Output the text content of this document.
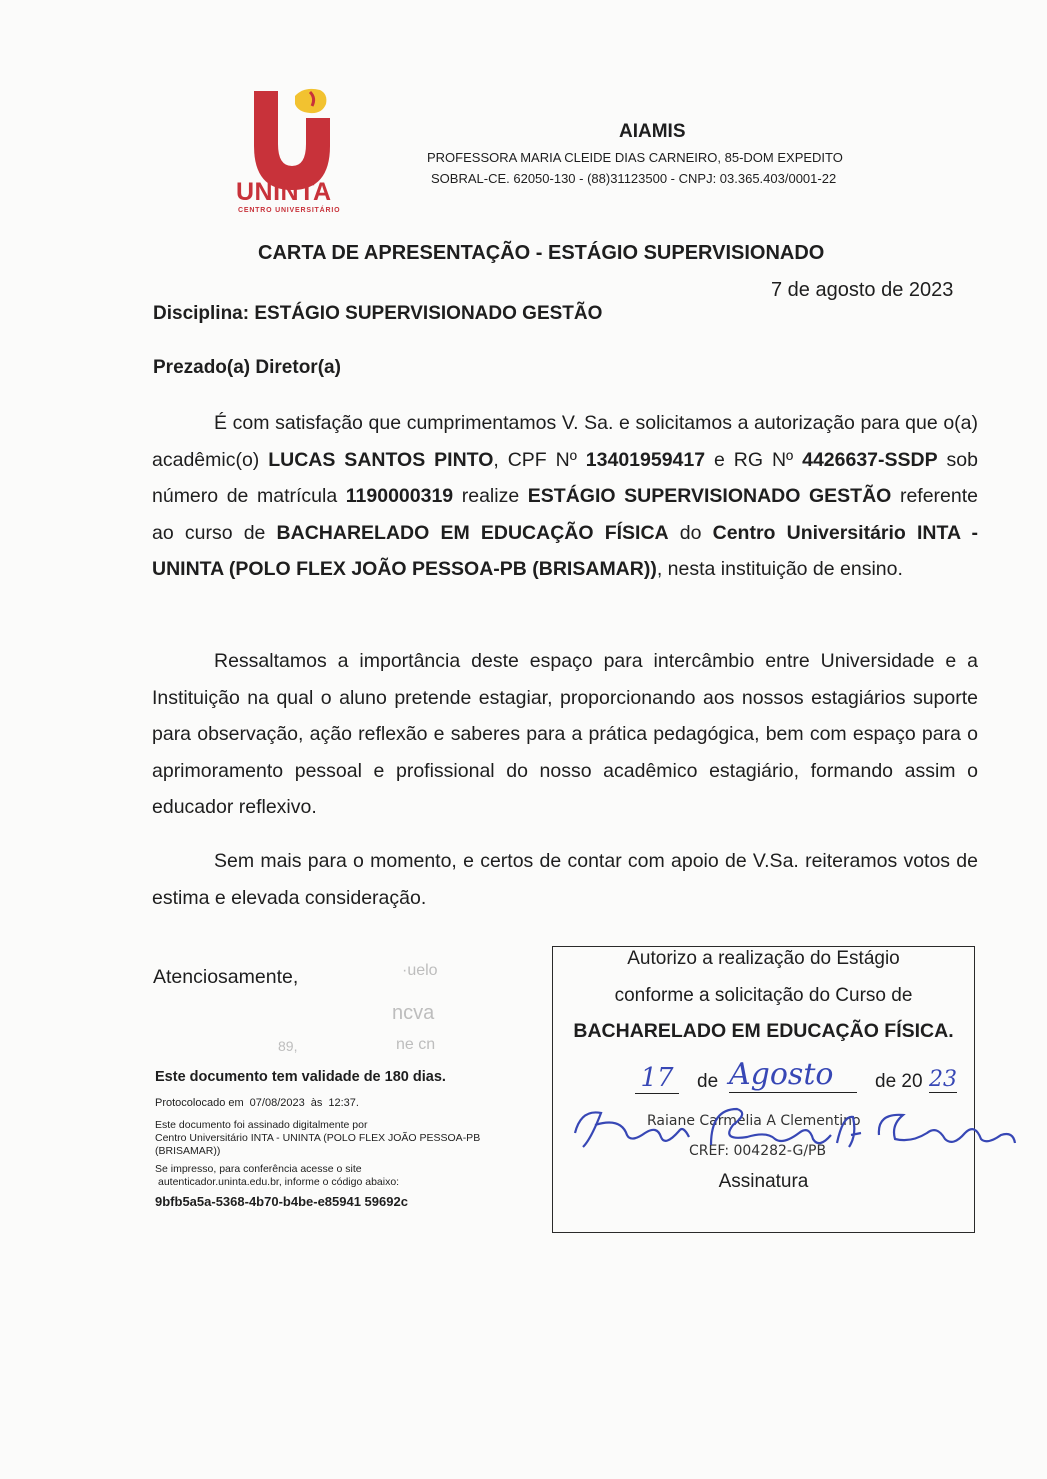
UNINTA
CENTRO UNIVERSITÁRIO
AIAMIS
PROFESSORA MARIA CLEIDE DIAS CARNEIRO, 85-DOM EXPEDITO
SOBRAL-CE. 62050-130 - (88)31123500 - CNPJ: 03.365.403/0001-22
CARTA DE APRESENTAÇÃO - ESTÁGIO SUPERVISIONADO
7 de agosto de 2023
Disciplina: ESTÁGIO SUPERVISIONADO GESTÃO
Prezado(a) Diretor(a)

É com satisfação que cumprimentamos V. Sa. e solicitamos a autorização para que o(a) acadêmic(o) LUCAS SANTOS PINTO, CPF Nº 13401959417 e RG Nº 4426637-SSDP sob número de matrícula 1190000319 realize ESTÁGIO SUPERVISIONADO GESTÃO referente ao curso de BACHARELADO EM EDUCAÇÃO FÍSICA do Centro Universitário INTA - UNINTA (POLO FLEX JOÃO PESSOA-PB (BRISAMAR)), nesta instituição de ensino.

Ressaltamos a importância deste espaço para intercâmbio entre Universidade e a Instituição na qual o aluno pretende estagiar, proporcionando aos nossos estagiários suporte para observação, ação reflexão e saberes para a prática pedagógica, bem com espaço para o aprimoramento pessoal e profissional do nosso acadêmico estagiário, formando assim o educador reflexivo.

Sem mais para o momento, e certos de contar com apoio de V.Sa. reiteramos votos de estima e elevada consideração.

Atenciosamente,	·uelo
ncva
ne cn
89,
Este documento tem validade de 180 dias.
Protocolocado em 07/08/2023 às 12:37.
Este documento foi assinado digitalmente por
Centro Universitário INTA - UNINTA (POLO FLEX JOÃO PESSOA-PB
(BRISAMAR))
Se impresso, para conferência acesse o site
autenticador.uninta.edu.br, informe o código abaixo:
9bfb5a5a-5368-4b70-b4be-e85941 59692c
Autorizo a realização do Estágio
conforme a solicitação do Curso de
BACHARELADO EM EDUCAÇÃO FÍSICA.
17 de Agosto	de 20 23
Raiane Carmelia A Clementino
CREF: 004282-G/PB
Assinatura
